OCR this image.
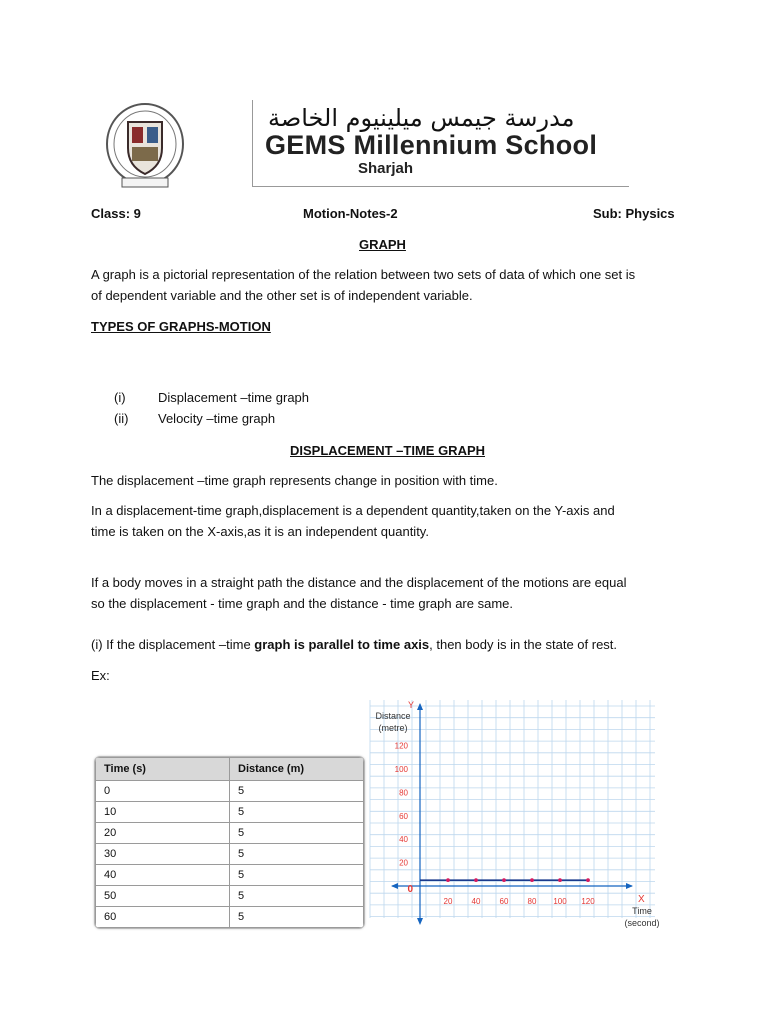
مدرسة جيمس ميلينيوم الخاصة
GEMS Millennium School
Sharjah
Class: 9	Motion-Notes-2	Sub: Physics
GRAPH
A graph is a pictorial representation of the relation between two sets of data of which one set is
of dependent variable and the other set is of independent variable.
TYPES OF GRAPHS-MOTION
(i) Displacement –time graph
(ii) Velocity –time graph
DISPLACEMENT –TIME GRAPH
The displacement –time graph represents change in position with time.
In a displacement-time graph,displacement is a dependent quantity,taken on the Y-axis and
time is taken on the X-axis,as it is an independent quantity.
If a body moves in a straight path the distance and the displacement of the motions are equal
so the displacement - time graph and the distance - time graph are same.
(i) If the displacement –time graph is parallel to time axis, then body is in the state of rest.
Ex:
Time (s)	Distance (m)
0	5
10	5
20	5
30	5
40	5
50	5
60	5
Y
X
0
Distance
(metre)
Time
(second)
20 40 60 80 100 120
20
40
60
80
100
120
